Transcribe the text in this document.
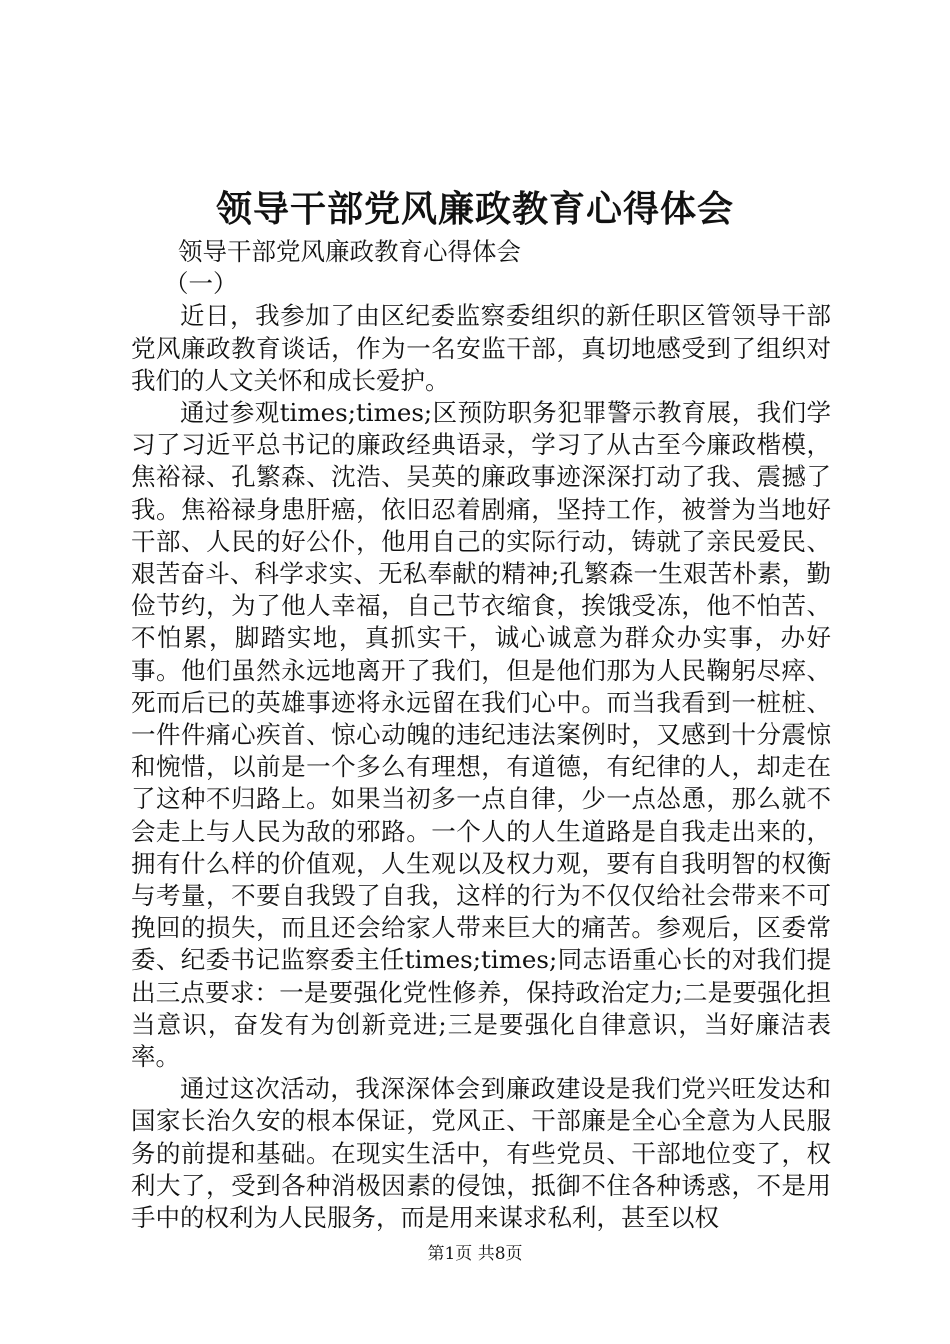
领导干部党风廉政教育心得体会

领导干部党风廉政教育心得体会

（一）

近日，我参加了由区纪委监察委组织的新任职区管领导干部党风廉政教育谈话，作为一名安监干部，真切地感受到了组织对我们的人文关怀和成长爱护。

通过参观times;times;区预防职务犯罪警示教育展，我们学习了习近平总书记的廉政经典语录，学习了从古至今廉政楷模，焦裕禄、孔繁森、沈浩、吴英的廉政事迹深深打动了我、震撼了我。焦裕禄身患肝癌，依旧忍着剧痛，坚持工作，被誉为当地好干部、人民的好公仆，他用自己的实际行动，铸就了亲民爱民、艰苦奋斗、科学求实、无私奉献的精神;孔繁森一生艰苦朴素，勤俭节约，为了他人幸福，自己节衣缩食，挨饿受冻，他不怕苦、不怕累，脚踏实地，真抓实干，诚心诚意为群众办实事，办好事。他们虽然永远地离开了我们，但是他们那为人民鞠躬尽瘁、死而后已的英雄事迹将永远留在我们心中。而当我看到一桩桩、一件件痛心疾首、惊心动魄的违纪违法案例时，又感到十分震惊和惋惜，以前是一个多么有理想，有道德，有纪律的人，却走在了这种不归路上。如果当初多一点自律，少一点怂恿，那么就不会走上与人民为敌的邪路。一个人的人生道路是自我走出来的，拥有什么样的价值观，人生观以及权力观，要有自我明智的权衡与考量，不要自我毁了自我，这样的行为不仅仅给社会带来不可挽回的损失，而且还会给家人带来巨大的痛苦。参观后，区委常委、纪委书记监察委主任times;times;同志语重心长的对我们提出三点要求：一是要强化党性修养，保持政治定力;二是要强化担当意识，奋发有为创新竞进;三是要强化自律意识，当好廉洁表率。

通过这次活动，我深深体会到廉政建设是我们党兴旺发达和国家长治久安的根本保证，党风正、干部廉是全心全意为人民服务的前提和基础。在现实生活中，有些党员、干部地位变了，权利大了，受到各种消极因素的侵蚀，抵御不住各种诱惑，不是用手中的权利为人民服务，而是用来谋求私利，甚至以权

第1页 共8页
